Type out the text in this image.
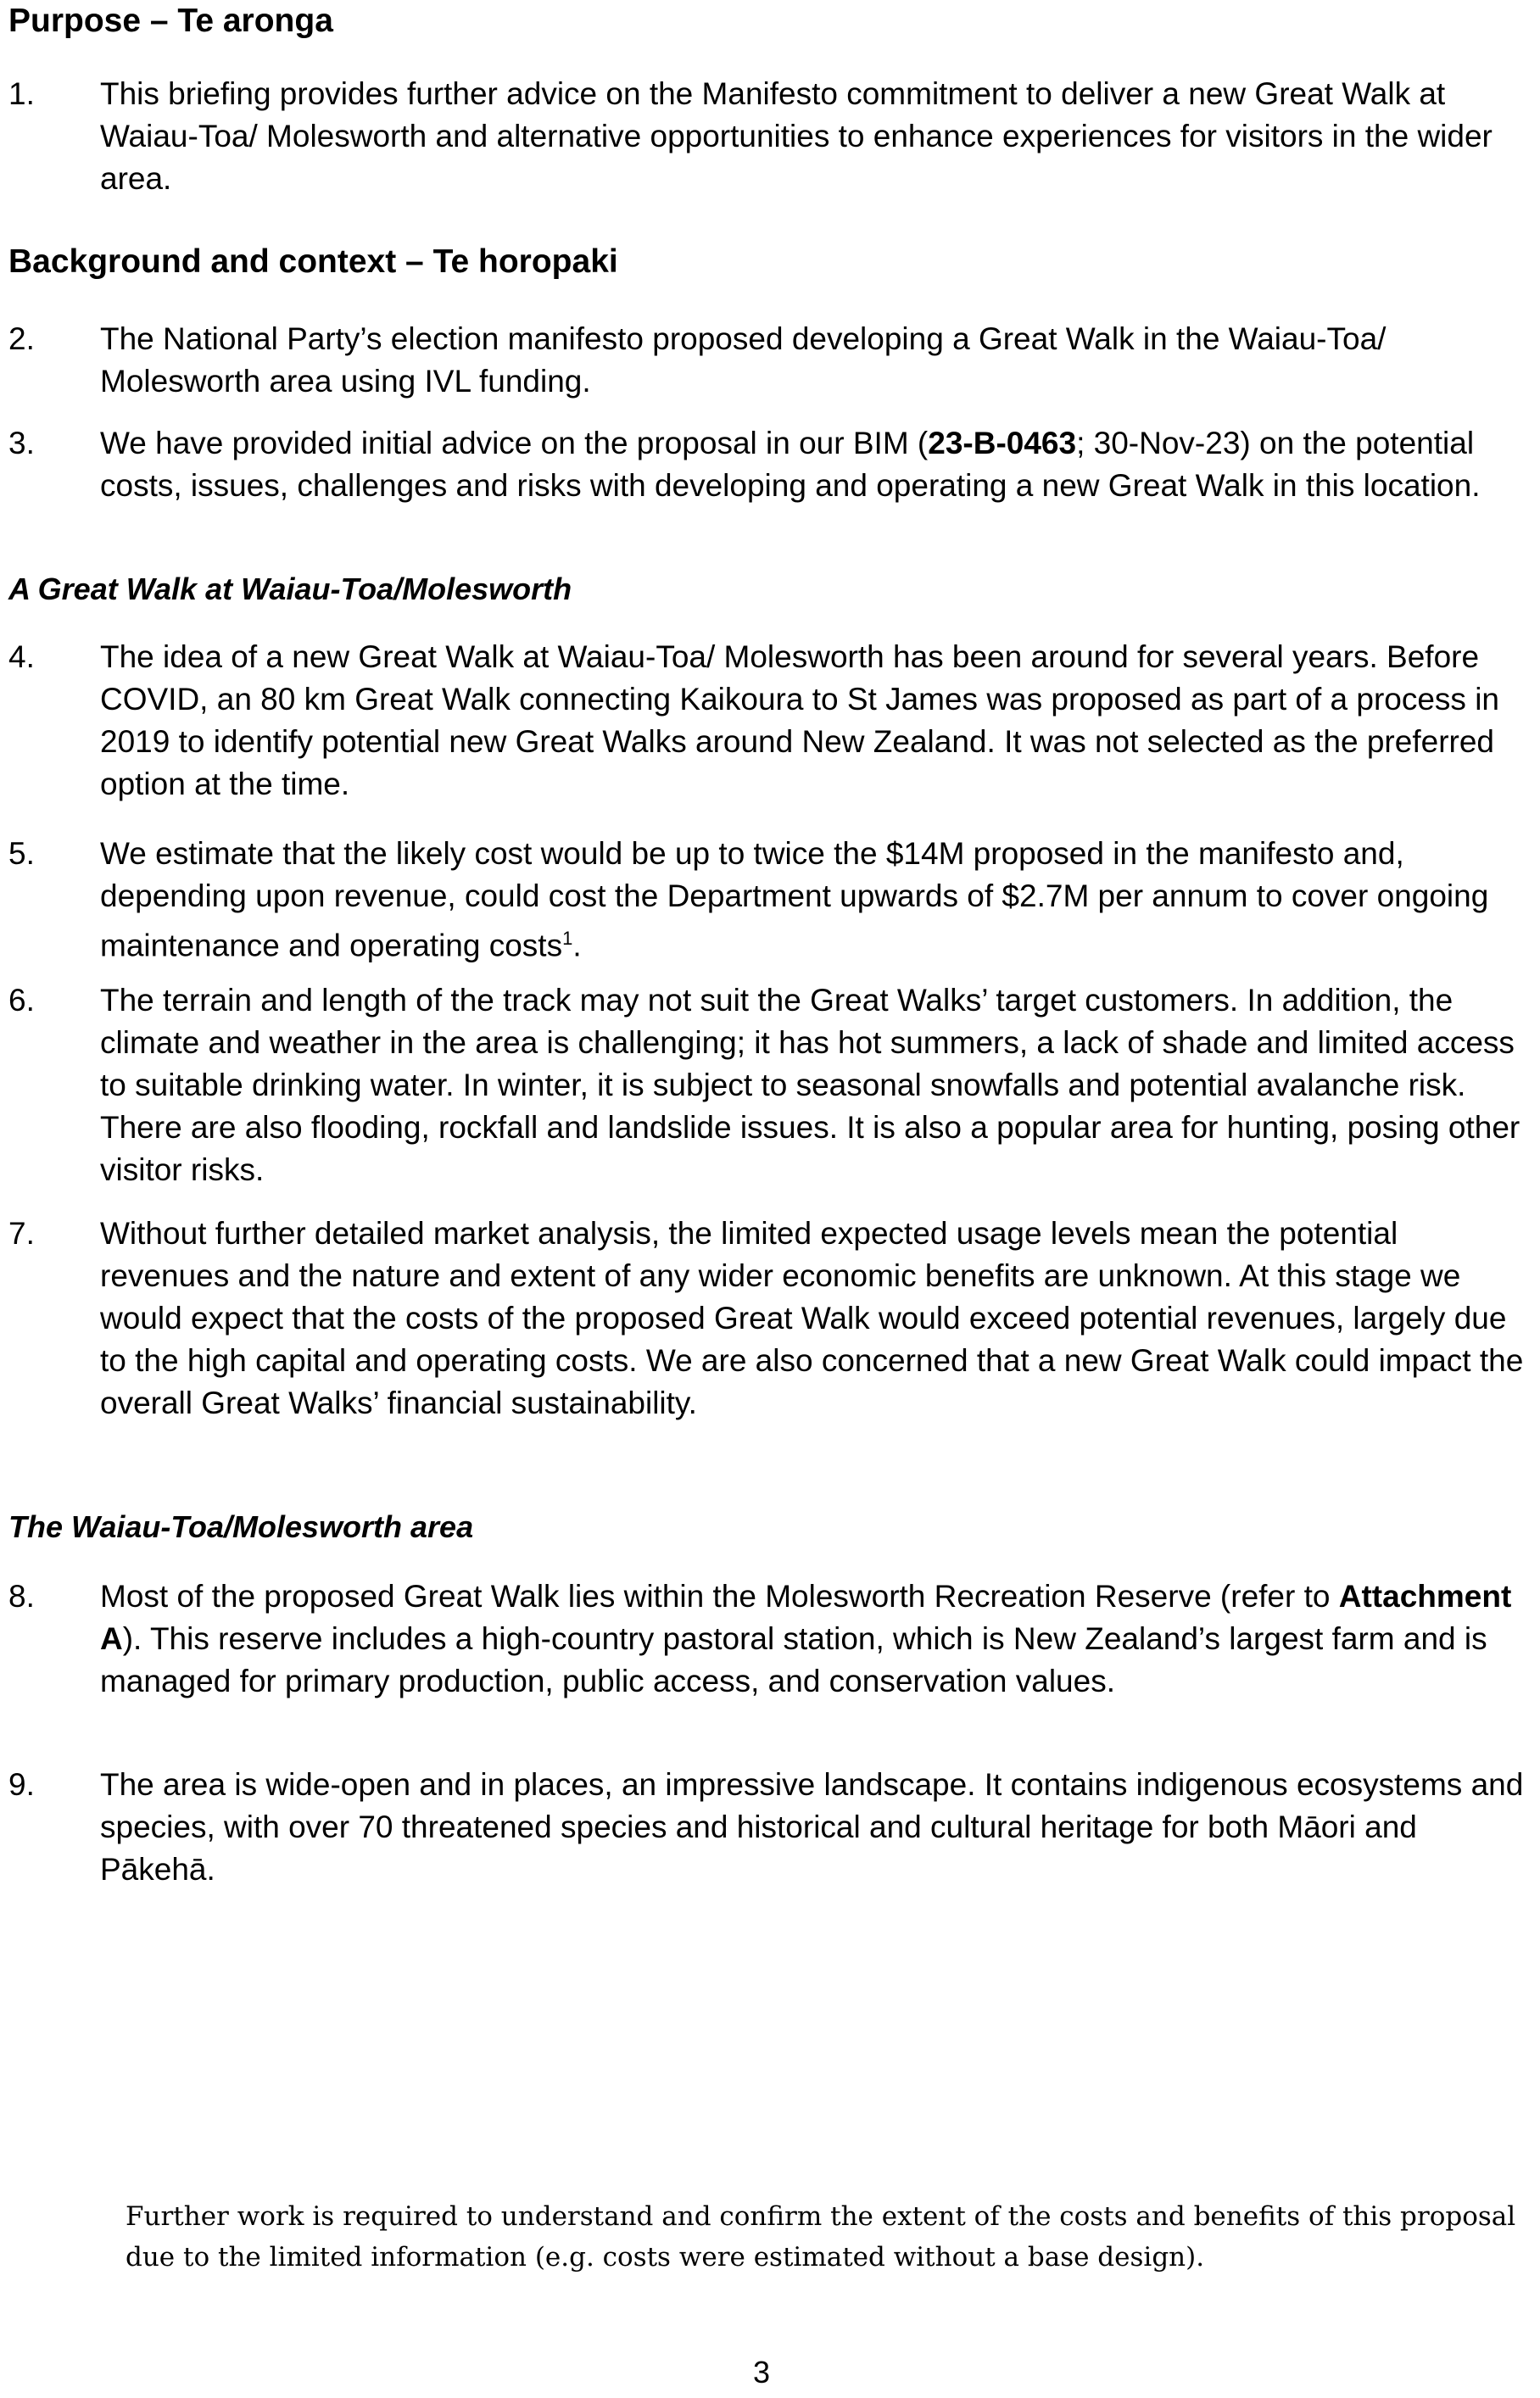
Purpose – Te aronga
1.	This briefing provides further advice on the Manifesto commitment to deliver a new Great Walk at Waiau-Toa/ Molesworth and alternative opportunities to enhance experiences for visitors in the wider area.
Background and context – Te horopaki
2.	The National Party’s election manifesto proposed developing a Great Walk in the Waiau-Toa/ Molesworth area using IVL funding.
3.	We have provided initial advice on the proposal in our BIM (23-B-0463; 30-Nov-23) on the potential costs, issues, challenges and risks with developing and operating a new Great Walk in this location.
A Great Walk at Waiau-Toa/Molesworth
4.	The idea of a new Great Walk at Waiau-Toa/ Molesworth has been around for several years. Before COVID, an 80 km Great Walk connecting Kaikoura to St James was proposed as part of a process in 2019 to identify potential new Great Walks around New Zealand. It was not selected as the preferred option at the time.
5.	We estimate that the likely cost would be up to twice the $14M proposed in the manifesto and, depending upon revenue, could cost the Department upwards of $2.7M per annum to cover ongoing maintenance and operating costs$^1$.
6.	The terrain and length of the track may not suit the Great Walks’ target customers. In addition, the climate and weather in the area is challenging; it has hot summers, a lack of shade and limited access to suitable drinking water. In winter, it is subject to seasonal snowfalls and potential avalanche risk. There are also flooding, rockfall and landslide issues. It is also a popular area for hunting, posing other visitor risks.
7.	Without further detailed market analysis, the limited expected usage levels mean the potential revenues and the nature and extent of any wider economic benefits are unknown. At this stage we would expect that the costs of the proposed Great Walk would exceed potential revenues, largely due to the high capital and operating costs. We are also concerned that a new Great Walk could impact the overall Great Walks’ financial sustainability.
The Waiau-Toa/Molesworth area
8.	Most of the proposed Great Walk lies within the Molesworth Recreation Reserve (refer to Attachment A). This reserve includes a high-country pastoral station, which is New Zealand’s largest farm and is managed for primary production, public access, and conservation values.
9.	The area is wide-open and in places, an impressive landscape. It contains indigenous ecosystems and species, with over 70 threatened species and historical and cultural heritage for both Māori and Pākehā.

Further work is required to understand and confirm the extent of the costs and benefits of this proposal due to the limited information (e.g. costs were estimated without a base design).

3
